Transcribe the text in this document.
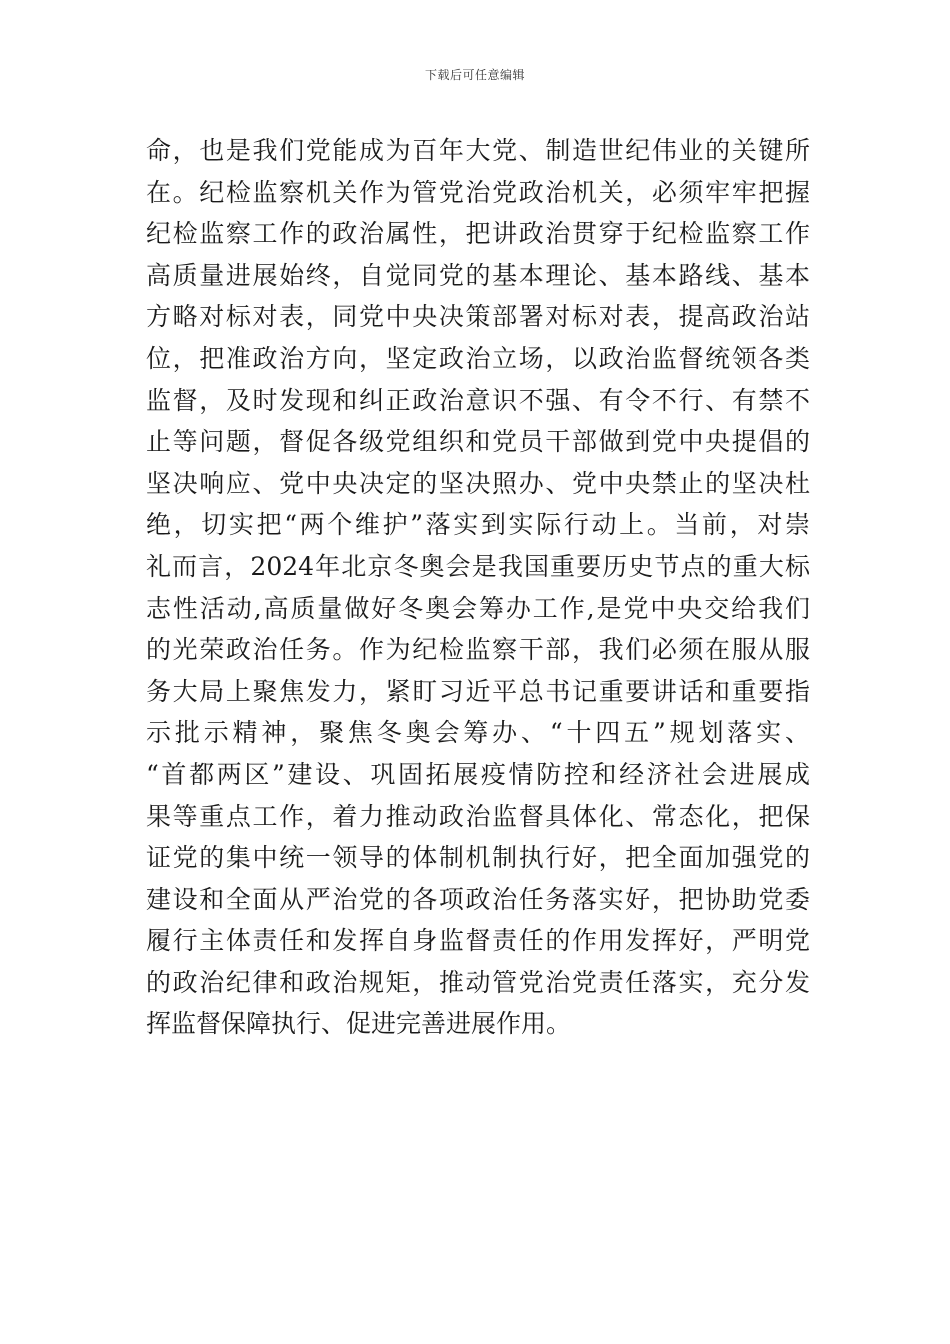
下载后可任意编辑
命，也是我们党能成为百年大党、制造世纪伟业的关键所
在。纪检监察机关作为管党治党政治机关，必须牢牢把握
纪检监察工作的政治属性，把讲政治贯穿于纪检监察工作
高质量进展始终，自觉同党的基本理论、基本路线、基本
方略对标对表，同党中央决策部署对标对表，提高政治站
位，把准政治方向，坚定政治立场，以政治监督统领各类
监督，及时发现和纠正政治意识不强、有令不行、有禁不
止等问题，督促各级党组织和党员干部做到党中央提倡的
坚决响应、党中央决定的坚决照办、党中央禁止的坚决杜
绝，切实把“两个维护”落实到实际行动上。当前，对崇
礼而言，2024年北京冬奥会是我国重要历史节点的重大标
志性活动,高质量做好冬奥会筹办工作,是党中央交给我们
的光荣政治任务。作为纪检监察干部，我们必须在服从服
务大局上聚焦发力，紧盯习近平总书记重要讲话和重要指
示批示精神，聚焦冬奥会筹办、“十四五”规划落实、
“首都两区”建设、巩固拓展疫情防控和经济社会进展成
果等重点工作，着力推动政治监督具体化、常态化，把保
证党的集中统一领导的体制机制执行好，把全面加强党的
建设和全面从严治党的各项政治任务落实好，把协助党委
履行主体责任和发挥自身监督责任的作用发挥好，严明党
的政治纪律和政治规矩，推动管党治党责任落实，充分发
挥监督保障执行、促进完善进展作用。
